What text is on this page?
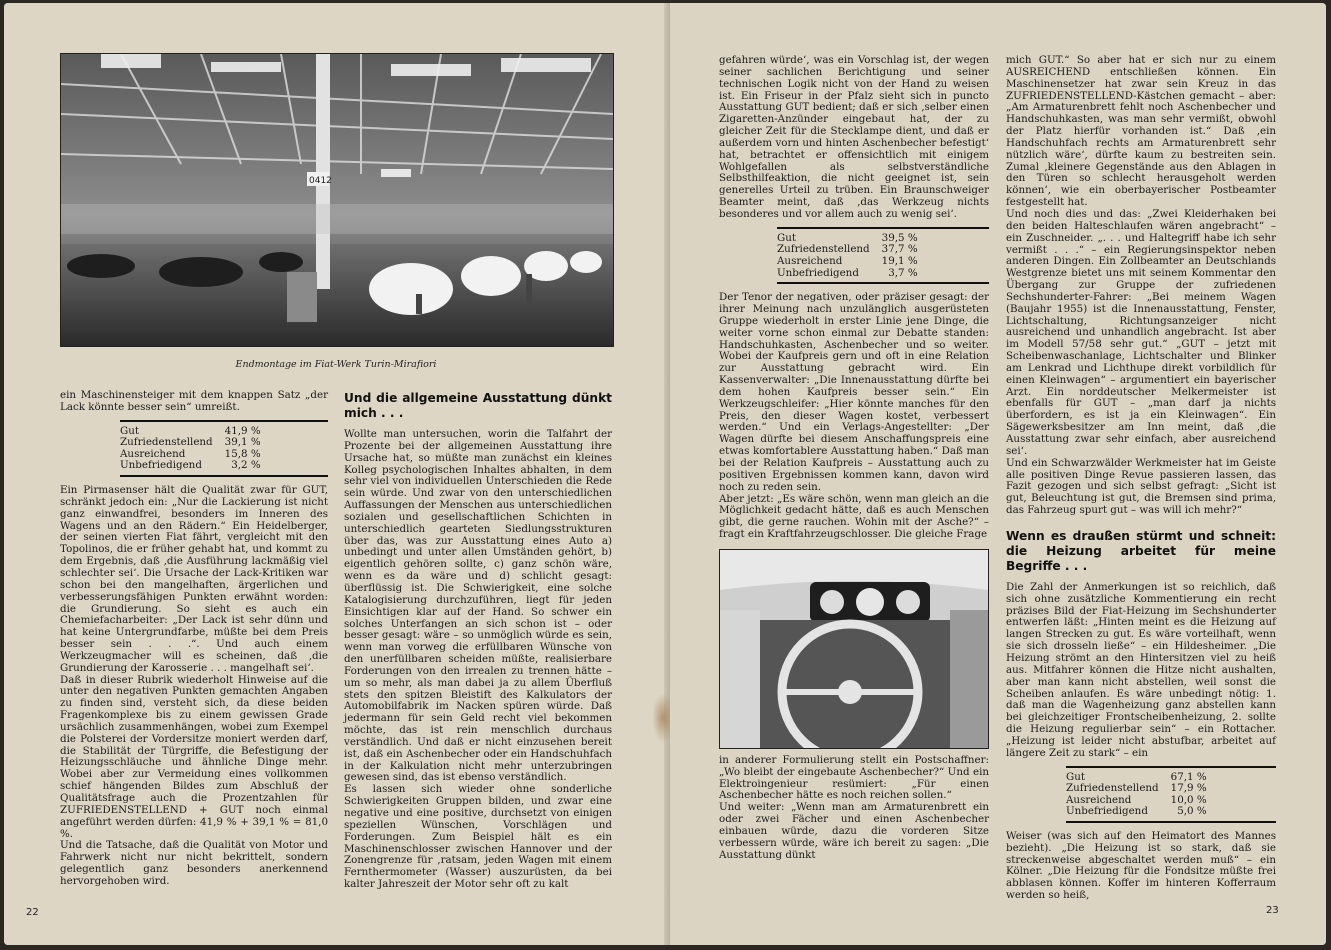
0412
Endmontage im Fiat-Werk Turin-Mirafiori

ein Maschinensteiger mit dem knappen Satz „der Lack könnte besser sein“ umreißt.

Gut	41,9 %
Zufriedenstellend	39,1 %
Ausreichend	15,8 %
Unbefriedigend	3,2 %

Ein Pirmasenser hält die Qualität zwar für GUT, schränkt jedoch ein: „Nur die Lackierung ist nicht ganz einwandfrei, besonders im Inneren des Wagens und an den Rädern.“ Ein Heidelberger, der seinen vierten Fiat fährt, vergleicht mit den Topolinos, die er früher gehabt hat, und kommt zu dem Ergebnis, daß ‚die Ausführung lackmäßig viel schlechter sei‘. Die Ursache der Lack-Kritiken war schon bei den mangelhaften, ärgerlichen und verbesserungsfähigen Punkten erwähnt worden: die Grundierung. So sieht es auch ein Chemiefacharbeiter: „Der Lack ist sehr dünn und hat keine Untergrundfarbe, müßte bei dem Preis besser sein . . .“. Und auch einem Werkzeugmacher will es scheinen, daß ‚die Grundierung der Karosserie . . . mangelhaft sei‘.

Daß in dieser Rubrik wiederholt Hinweise auf die unter den negativen Punkten gemachten Angaben zu finden sind, versteht sich, da diese beiden Fragenkomplexe bis zu einem gewissen Grade ursächlich zusammenhängen, wobei zum Exempel die Polsterei der Vordersitze moniert werden darf, die Stabilität der Türgriffe, die Befestigung der Heizungsschläuche und ähnliche Dinge mehr. Wobei aber zur Vermeidung eines vollkommen schief hängenden Bildes zum Abschluß der Qualitätsfrage auch die Prozentzahlen für ZUFRIEDENSTELLEND + GUT noch einmal angeführt werden dürfen: 41,9 % + 39,1 % = 81,0 %.

Und die Tatsache, daß die Qualität von Motor und Fahrwerk nicht nur nicht bekrittelt, sondern gelegentlich ganz besonders anerkennend hervorgehoben wird.

Und die allgemeine Ausstattung dünkt mich . . .

Wollte man untersuchen, worin die Talfahrt der Prozente bei der allgemeinen Ausstattung ihre Ursache hat, so müßte man zunächst ein kleines Kolleg psychologischen Inhaltes abhalten, in dem sehr viel von individuellen Unterschieden die Rede sein würde. Und zwar von den unterschiedlichen Auffassungen der Menschen aus unterschiedlichen sozialen und gesellschaftlichen Schichten in unterschiedlich gearteten Siedlungsstrukturen über das, was zur Ausstattung eines Auto a) unbedingt und unter allen Umständen gehört, b) eigentlich gehören sollte, c) ganz schön wäre, wenn es da wäre und d) schlicht gesagt: überflüssig ist. Die Schwierigkeit, eine solche Katalogisierung durchzuführen, liegt für jeden Einsichtigen klar auf der Hand. So schwer ein solches Unterfangen an sich schon ist – oder besser gesagt: wäre – so unmöglich würde es sein, wenn man vorweg die erfüllbaren Wünsche von den unerfüllbaren scheiden müßte, realisierbare Forderungen von den irrealen zu trennen hätte – um so mehr, als man dabei ja zu allem Überfluß stets den spitzen Bleistift des Kalkulators der Automobilfabrik im Nacken spüren würde. Daß jedermann für sein Geld recht viel bekommen möchte, das ist rein menschlich durchaus verständlich. Und daß er nicht einzusehen bereit ist, daß ein Aschenbecher oder ein Handschuhfach in der Kalkulation nicht mehr unterzubringen gewesen sind, das ist ebenso verständlich.

Es lassen sich wieder ohne sonderliche Schwierigkeiten Gruppen bilden, und zwar eine negative und eine positive, durchsetzt von einigen speziellen Wünschen, Vorschlägen und Forderungen. Zum Beispiel hält es ein Maschinenschlosser zwischen Hannover und der Zonengrenze für ‚ratsam, jeden Wagen mit einem Fernthermometer (Wasser) auszurüsten, da bei kalter Jahreszeit der Motor sehr oft zu kalt

22

gefahren würde‘, was ein Vorschlag ist, der wegen seiner sachlichen Berichtigung und seiner technischen Logik nicht von der Hand zu weisen ist. Ein Friseur in der Pfalz sieht sich in puncto Ausstattung GUT bedient; daß er sich ‚selber einen Zigaretten-Anzünder eingebaut hat, der zu gleicher Zeit für die Stecklampe dient, und daß er außerdem vorn und hinten Aschenbecher befestigt‘ hat, betrachtet er offensichtlich mit einigem Wohlgefallen als selbstverständliche Selbsthilfeaktion, die nicht geeignet ist, sein generelles Urteil zu trüben. Ein Braunschweiger Beamter meint, daß ‚das Werkzeug nichts besonderes und vor allem auch zu wenig sei‘.

Gut	39,5 %
Zufriedenstellend	37,7 %
Ausreichend	19,1 %
Unbefriedigend	3,7 %

Der Tenor der negativen, oder präziser gesagt: der ihrer Meinung nach unzulänglich ausgerüsteten Gruppe wiederholt in erster Linie jene Dinge, die weiter vorne schon einmal zur Debatte standen: Handschuhkasten, Aschenbecher und so weiter. Wobei der Kaufpreis gern und oft in eine Relation zur Ausstattung gebracht wird. Ein Kassenverwalter: „Die Innenausstattung dürfte bei dem hohen Kaufpreis besser sein.“ Ein Werkzeugschleifer: „Hier könnte manches für den Preis, den dieser Wagen kostet, verbessert werden.“ Und ein Verlags-Angestellter: „Der Wagen dürfte bei diesem Anschaffungspreis eine etwas komfortablere Ausstattung haben.“ Daß man bei der Relation Kaufpreis – Ausstattung auch zu positiven Ergebnissen kommen kann, davon wird noch zu reden sein.

Aber jetzt: „Es wäre schön, wenn man gleich an die Möglichkeit gedacht hätte, daß es auch Menschen gibt, die gerne rauchen. Wohin mit der Asche?“ – fragt ein Kraftfahrzeugschlosser. Die gleiche Frage

in anderer Formulierung stellt ein Postschaffner: „Wo bleibt der eingebaute Aschenbecher?“ Und ein Elektroingenieur resümiert: „Für einen Aschenbecher hätte es noch reichen sollen.“

Und weiter: „Wenn man am Armaturenbrett ein oder zwei Fächer und einen Aschenbecher einbauen würde, dazu die vorderen Sitze verbessern würde, wäre ich bereit zu sagen: „Die Ausstattung dünkt

mich GUT.“ So aber hat er sich nur zu einem AUSREICHEND entschließen können. Ein Maschinensetzer hat zwar sein Kreuz in das ZUFRIEDENSTELLEND-Kästchen gemacht – aber: „Am Armaturenbrett fehlt noch Aschenbecher und Handschuhkasten, was man sehr vermißt, obwohl der Platz hierfür vorhanden ist.“ Daß ‚ein Handschuhfach rechts am Armaturenbrett sehr nützlich wäre‘, dürfte kaum zu bestreiten sein. Zumal ‚kleinere Gegenstände aus den Ablagen in den Türen so schlecht herausgeholt werden können‘, wie ein oberbayerischer Postbeamter festgestellt hat.

Und noch dies und das: „Zwei Kleiderhaken bei den beiden Halteschlaufen wären angebracht“ – ein Zuschneider. „. . . und Haltegriff habe ich sehr vermißt . . .“ – ein Regierungsinspektor neben anderen Dingen. Ein Zollbeamter an Deutschlands Westgrenze bietet uns mit seinem Kommentar den Übergang zur Gruppe der zufriedenen Sechshunderter-Fahrer: „Bei meinem Wagen (Baujahr 1955) ist die Innenausstattung, Fenster, Lichtschaltung, Richtungsanzeiger nicht ausreichend und unhandlich angebracht. Ist aber im Modell 57/58 sehr gut.“ „GUT – jetzt mit Scheibenwaschanlage, Lichtschalter und Blinker am Lenkrad und Lichthupe direkt vorbildlich für einen Kleinwagen“ – argumentiert ein bayerischer Arzt. Ein norddeutscher Melkermeister ist ebenfalls für GUT – „man darf ja nichts überfordern, es ist ja ein Kleinwagen“. Ein Sägewerksbesitzer am Inn meint, daß ‚die Ausstattung zwar sehr einfach, aber ausreichend sei‘.

Und ein Schwarzwälder Werkmeister hat im Geiste alle positiven Dinge Revue passieren lassen, das Fazit gezogen und sich selbst gefragt: „Sicht ist gut, Beleuchtung ist gut, die Bremsen sind prima, das Fahrzeug spurt gut – was will ich mehr?“

Wenn es draußen stürmt und schneit: die Heizung arbeitet für meine Begriffe . . .

Die Zahl der Anmerkungen ist so reichlich, daß sich ohne zusätzliche Kommentierung ein recht präzises Bild der Fiat-Heizung im Sechshunderter entwerfen läßt: „Hinten meint es die Heizung auf langen Strecken zu gut. Es wäre vorteilhaft, wenn sie sich drosseln ließe“ – ein Hildesheimer. „Die Heizung strömt an den Hintersitzen viel zu heiß aus. Mitfahrer können die Hitze nicht aushalten, aber man kann nicht abstellen, weil sonst die Scheiben anlaufen. Es wäre unbedingt nötig: 1. daß man die Wagenheizung ganz abstellen kann bei gleichzeitiger Frontscheibenheizung, 2. sollte die Heizung regulierbar sein“ – ein Rottacher. „Heizung ist leider nicht abstufbar, arbeitet auf längere Zeit zu stark“ – ein

Gut	67,1 %
Zufriedenstellend	17,9 %
Ausreichend	10,0 %
Unbefriedigend	5,0 %

Weiser (was sich auf den Heimatort des Mannes bezieht). „Die Heizung ist so stark, daß sie streckenweise abgeschaltet werden muß“ – ein Kölner. „Die Heizung für die Fondsitze müßte frei abblasen können. Koffer im hinteren Kofferraum werden so heiß,

23
